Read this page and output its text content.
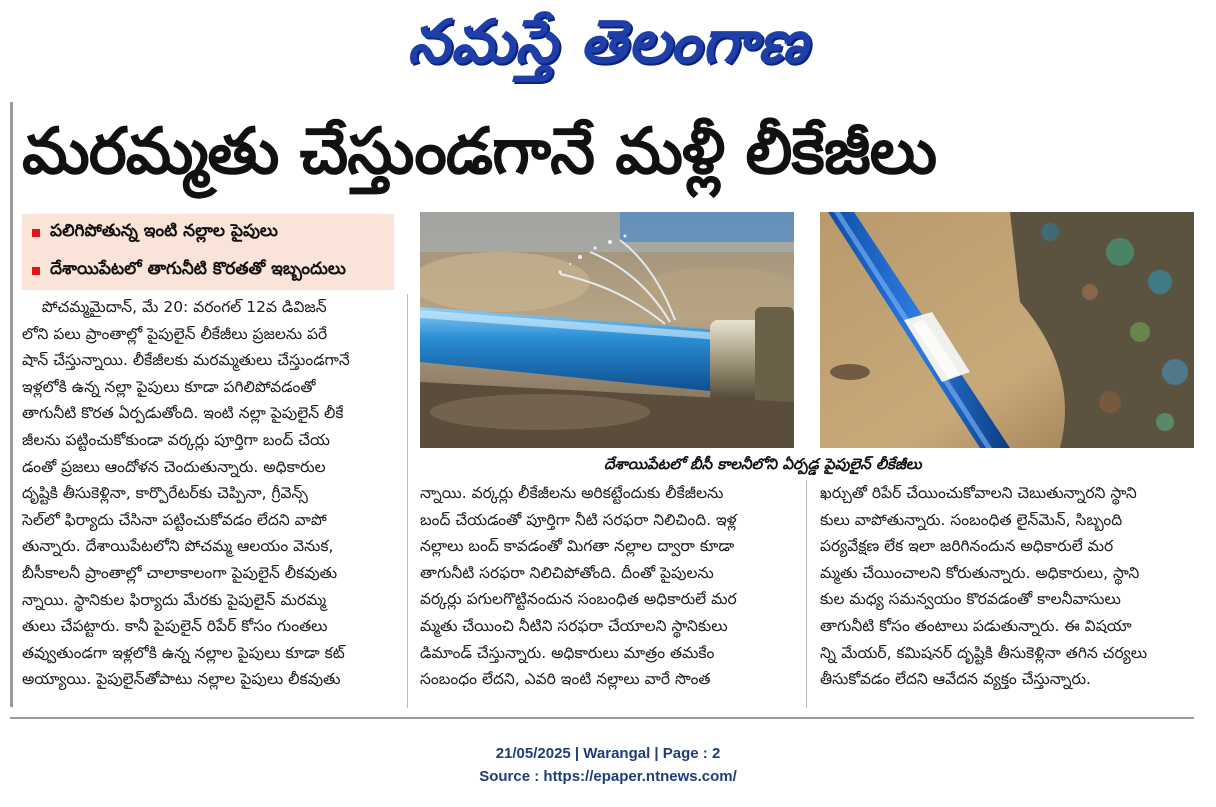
నమస్తే తెలంగాణ
మరమ్మతు చేస్తుండగానే మళ్లీ లీకేజీలు
పలిగిపోతున్న ఇంటి నల్లాల పైపులు
దేశాయిపేటలో తాగునీటి కొరతతో ఇబ్బందులు
పోచమ్మమైదాన్, మే 20: వరంగల్ 12వ డివిజన్
లోని పలు ప్రాంతాల్లో పైపులైన్ లీకేజీలు ప్రజలను పరే
షాన్ చేస్తున్నాయి. లీకేజీలకు మరమ్మతులు చేస్తుండగానే
ఇళ్లలోకి ఉన్న నల్లా పైపులు కూడా పగిలిపోవడంతో
తాగునీటి కొరత ఏర్పడుతోంది. ఇంటి నల్లా పైపులైన్ లీకే
జీలను పట్టించుకోకుండా వర్కర్లు పూర్తిగా బంద్ చేయ
డంతో ప్రజలు ఆందోళన చెందుతున్నారు. అధికారుల
దృష్టికి తీసుకెళ్లినా, కార్పొరేటర్‌కు చెప్పినా, గ్రీవెన్స్
సెల్‌లో ఫిర్యాదు చేసినా పట్టించుకోవడం లేదని వాపో
తున్నారు. దేశాయిపేటలోని పోచమ్మ ఆలయం వెనుక,
బీసీకాలనీ ప్రాంతాల్లో చాలాకాలంగా పైపులైన్ లీకవుతు
న్నాయి. స్థానికుల ఫిర్యాదు మేరకు పైపులైన్ మరమ్మ
తులు చేపట్టారు. కానీ పైపులైన్ రిపేర్ కోసం గుంతలు
తవ్వుతుండగా ఇళ్లలోకి ఉన్న నల్లాల పైపులు కూడా కట్
అయ్యాయి. పైపులైన్‌తోపాటు నల్లాల పైపులు లీకవుతు
దేశాయిపేటలో బీసీ కాలనీలోని ఏర్పడ్డ పైపులైన్ లీకేజీలు
న్నాయి. వర్కర్లు లీకేజీలను అరికట్టేందుకు లీకేజీలను
బంద్ చేయడంతో పూర్తిగా నీటి సరఫరా నిలిచింది. ఇళ్ల
నల్లాలు బంద్ కావడంతో మిగతా నల్లాల ద్వారా కూడా
తాగునీటి సరఫరా నిలిచిపోతోంది. దీంతో పైపులను
వర్కర్లు పగులగొట్టినందున సంబంధిత అధికారులే మర
మ్మతు చేయించి నీటిని సరఫరా చేయాలని స్థానికులు
డిమాండ్ చేస్తున్నారు. అధికారులు మాత్రం తమకేం
సంబంధం లేదని, ఎవరి ఇంటి నల్లాలు వారే సొంత
ఖర్చుతో రిపేర్ చేయించుకోవాలని చెబుతున్నారని స్థాని
కులు వాపోతున్నారు. సంబంధిత లైన్‌మెన్, సిబ్బంది
పర్యవేక్షణ లేక ఇలా జరిగినందున అధికారులే మర
మ్మతు చేయించాలని కోరుతున్నారు. అధికారులు, స్థాని
కుల మధ్య సమన్వయం కొరవడంతో కాలనీవాసులు
తాగునీటి కోసం తంటాలు పడుతున్నారు. ఈ విషయా
న్ని మేయర్, కమిషనర్ దృష్టికి తీసుకెళ్లినా తగిన చర్యలు
తీసుకోవడం లేదని ఆవేదన వ్యక్తం చేస్తున్నారు.
21/05/2025 | Warangal | Page : 2
Source : https://epaper.ntnews.com/
